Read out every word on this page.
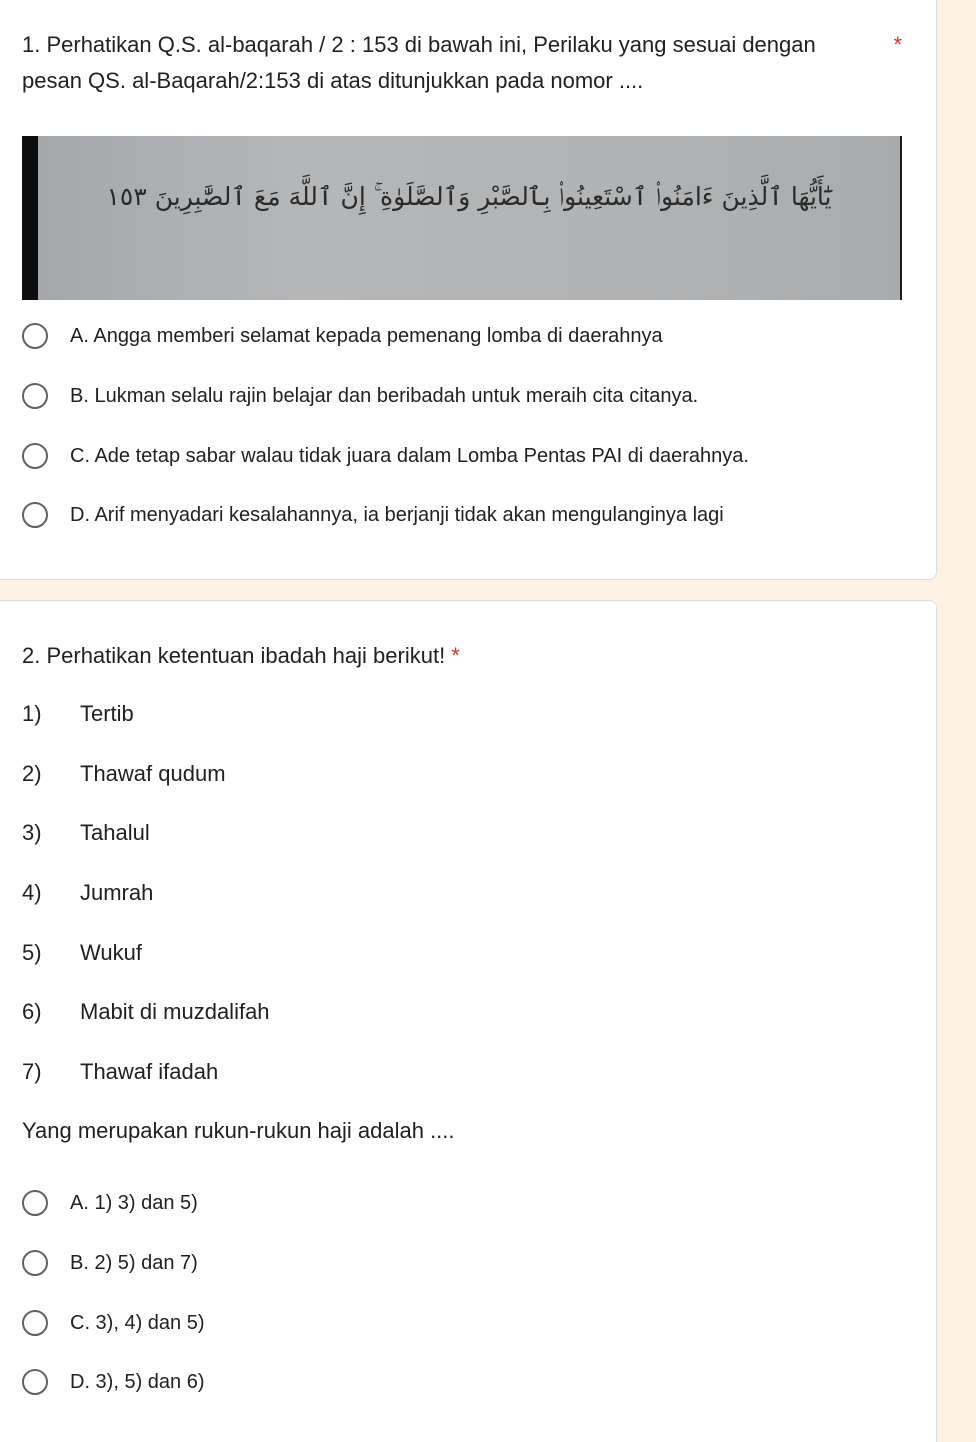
1. Perhatikan Q.S. al-baqarah / 2 : 153 di bawah ini, Perilaku yang sesuai dengan
pesan QS. al-Baqarah/2:153 di atas ditunjukkan pada nomor ....
*
يَٰٓأَيُّهَا ٱلَّذِينَ ءَامَنُوا۟ ٱسْتَعِينُوا۟ بِٱلصَّبْرِ وَٱلصَّلَوٰةِ ۚ إِنَّ ٱللَّهَ مَعَ ٱلصَّٰبِرِينَ ١٥٣
A. Angga memberi selamat kepada pemenang lomba di daerahnya
B. Lukman selalu rajin belajar dan beribadah untuk meraih cita citanya.
C. Ade tetap sabar walau tidak juara dalam Lomba Pentas PAI di daerahnya.
D. Arif menyadari kesalahannya, ia berjanji tidak akan mengulanginya lagi
2. Perhatikan ketentuan ibadah haji berikut! *
1) Tertib
2) Thawaf qudum
3) Tahalul
4) Jumrah
5) Wukuf
6) Mabit di muzdalifah
7) Thawaf ifadah
Yang merupakan rukun-rukun haji adalah ....
A. 1) 3) dan 5)
B. 2) 5) dan 7)
C. 3), 4) dan 5)
D. 3), 5) dan 6)
